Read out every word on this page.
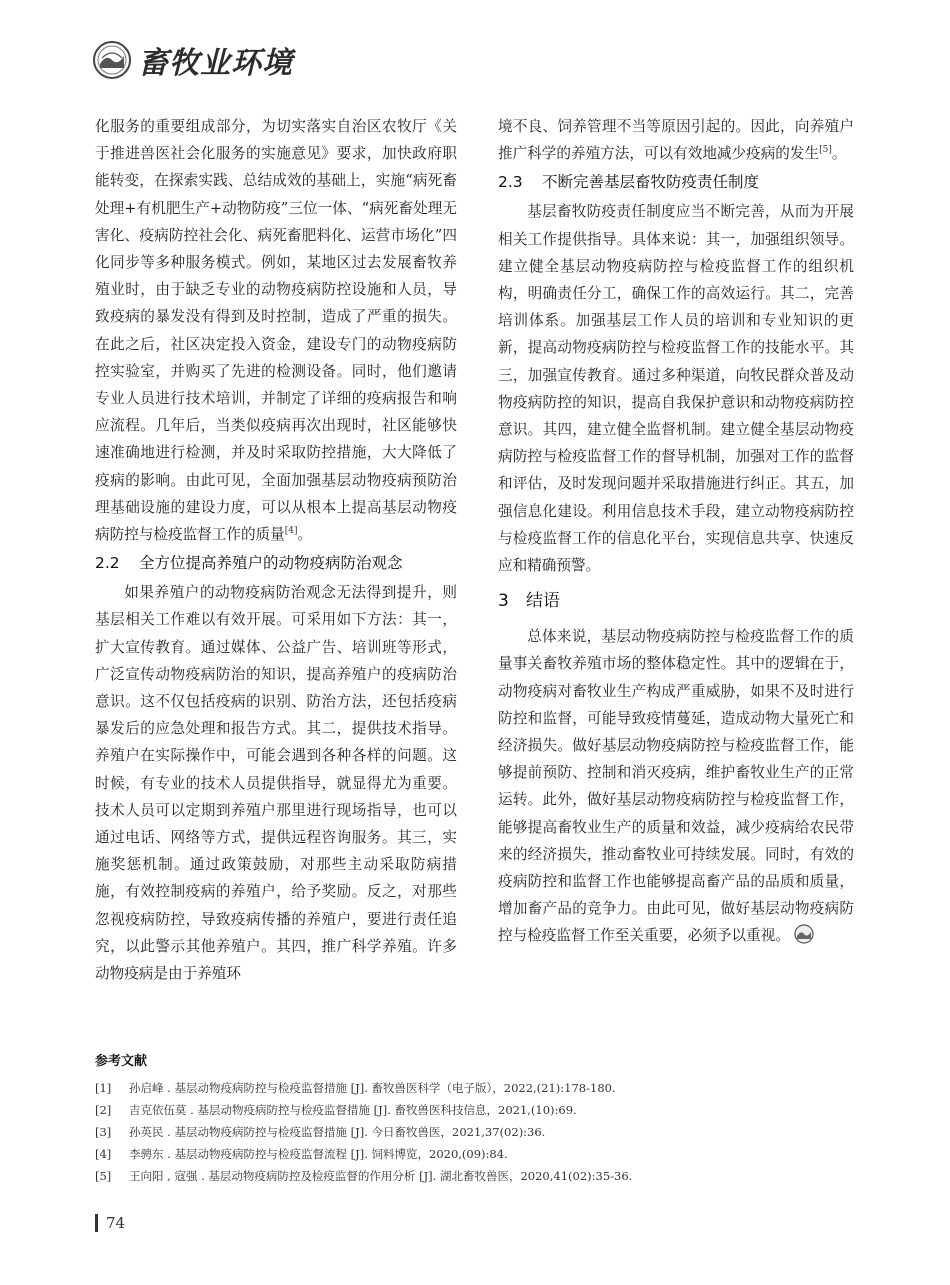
畜牧业环境

化服务的重要组成部分，为切实落实自治区农牧厅《关于推进兽医社会化服务的实施意见》要求，加快政府职能转变，在探索实践、总结成效的基础上，实施“病死畜处理+有机肥生产+动物防疫”三位一体、“病死畜处理无害化、疫病防控社会化、病死畜肥料化、运营市场化”四化同步等多种服务模式。例如，某地区过去发展畜牧养殖业时，由于缺乏专业的动物疫病防控设施和人员，导致疫病的暴发没有得到及时控制，造成了严重的损失。在此之后，社区决定投入资金，建设专门的动物疫病防控实验室，并购买了先进的检测设备。同时，他们邀请专业人员进行技术培训，并制定了详细的疫病报告和响应流程。几年后，当类似疫病再次出现时，社区能够快速准确地进行检测，并及时采取防控措施，大大降低了疫病的影响。由此可见，全面加强基层动物疫病预防治理基础设施的建设力度，可以从根本上提高基层动物疫病防控与检疫监督工作的质量[4]。

2.2 全方位提高养殖户的动物疫病防治观念

如果养殖户的动物疫病防治观念无法得到提升，则基层相关工作难以有效开展。可采用如下方法：其一，扩大宣传教育。通过媒体、公益广告、培训班等形式，广泛宣传动物疫病防治的知识，提高养殖户的疫病防治意识。这不仅包括疫病的识别、防治方法，还包括疫病暴发后的应急处理和报告方式。其二，提供技术指导。养殖户在实际操作中，可能会遇到各种各样的问题。这时候，有专业的技术人员提供指导，就显得尤为重要。技术人员可以定期到养殖户那里进行现场指导，也可以通过电话、网络等方式，提供远程咨询服务。其三，实施奖惩机制。通过政策鼓励，对那些主动采取防病措施，有效控制疫病的养殖户，给予奖励。反之，对那些忽视疫病防控，导致疫病传播的养殖户，要进行责任追究，以此警示其他养殖户。其四，推广科学养殖。许多动物疫病是由于养殖环

境不良、饲养管理不当等原因引起的。因此，向养殖户推广科学的养殖方法，可以有效地减少疫病的发生[5]。

2.3 不断完善基层畜牧防疫责任制度

基层畜牧防疫责任制度应当不断完善，从而为开展相关工作提供指导。具体来说：其一，加强组织领导。建立健全基层动物疫病防控与检疫监督工作的组织机构，明确责任分工，确保工作的高效运行。其二，完善培训体系。加强基层工作人员的培训和专业知识的更新，提高动物疫病防控与检疫监督工作的技能水平。其三，加强宣传教育。通过多种渠道，向牧民群众普及动物疫病防控的知识，提高自我保护意识和动物疫病防控意识。其四，建立健全监督机制。建立健全基层动物疫病防控与检疫监督工作的督导机制，加强对工作的监督和评估，及时发现问题并采取措施进行纠正。其五，加强信息化建设。利用信息技术手段，建立动物疫病防控与检疫监督工作的信息化平台，实现信息共享、快速反应和精确预警。

3 结语

总体来说，基层动物疫病防控与检疫监督工作的质量事关畜牧养殖市场的整体稳定性。其中的逻辑在于，动物疫病对畜牧业生产构成严重威胁，如果不及时进行防控和监督，可能导致疫情蔓延，造成动物大量死亡和经济损失。做好基层动物疫病防控与检疫监督工作，能够提前预防、控制和消灭疫病，维护畜牧业生产的正常运转。此外，做好基层动物疫病防控与检疫监督工作，能够提高畜牧业生产的质量和效益，减少疫病给农民带来的经济损失，推动畜牧业可持续发展。同时，有效的疫病防控和监督工作也能够提高畜产品的品质和质量，增加畜产品的竞争力。由此可见，做好基层动物疫病防控与检疫监督工作至关重要，必须予以重视。

参考文献
[1]	孙启峰 . 基层动物疫病防控与检疫监督措施 [J]. 畜牧兽医科学（电子版），2022,(21):178-180.
[2]	吉克依伍莫 . 基层动物疫病防控与检疫监督措施 [J]. 畜牧兽医科技信息，2021,(10):69.
[3]	孙英民 . 基层动物疫病防控与检疫监督措施 [J]. 今日畜牧兽医，2021,37(02):36.
[4]	李骋东 . 基层动物疫病防控与检疫监督流程 [J]. 饲料博览，2020,(09):84.
[5]	王向阳 , 寇强 . 基层动物疫病防控及检疫监督的作用分析 [J]. 湖北畜牧兽医，2020,41(02):35-36.
74
